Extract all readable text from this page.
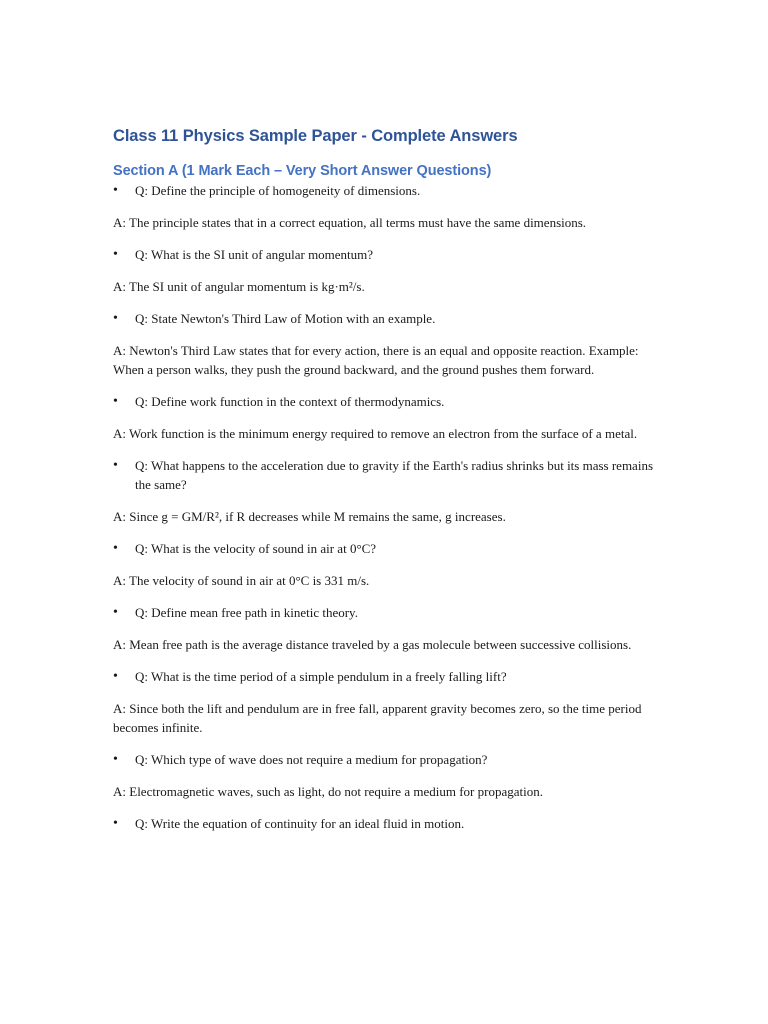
Class 11 Physics Sample Paper - Complete Answers
Section A (1 Mark Each – Very Short Answer Questions)
• Q: Define the principle of homogeneity of dimensions.
A: The principle states that in a correct equation, all terms must have the same dimensions.
• Q: What is the SI unit of angular momentum?
A: The SI unit of angular momentum is kg·m²/s.
• Q: State Newton's Third Law of Motion with an example.
A: Newton's Third Law states that for every action, there is an equal and opposite reaction. Example: When a person walks, they push the ground backward, and the ground pushes them forward.
• Q: Define work function in the context of thermodynamics.
A: Work function is the minimum energy required to remove an electron from the surface of a metal.
• Q: What happens to the acceleration due to gravity if the Earth's radius shrinks but its mass remains the same?
A: Since g = GM/R², if R decreases while M remains the same, g increases.
• Q: What is the velocity of sound in air at 0°C?
A: The velocity of sound in air at 0°C is 331 m/s.
• Q: Define mean free path in kinetic theory.
A: Mean free path is the average distance traveled by a gas molecule between successive collisions.
• Q: What is the time period of a simple pendulum in a freely falling lift?
A: Since both the lift and pendulum are in free fall, apparent gravity becomes zero, so the time period becomes infinite.
• Q: Which type of wave does not require a medium for propagation?
A: Electromagnetic waves, such as light, do not require a medium for propagation.
• Q: Write the equation of continuity for an ideal fluid in motion.
